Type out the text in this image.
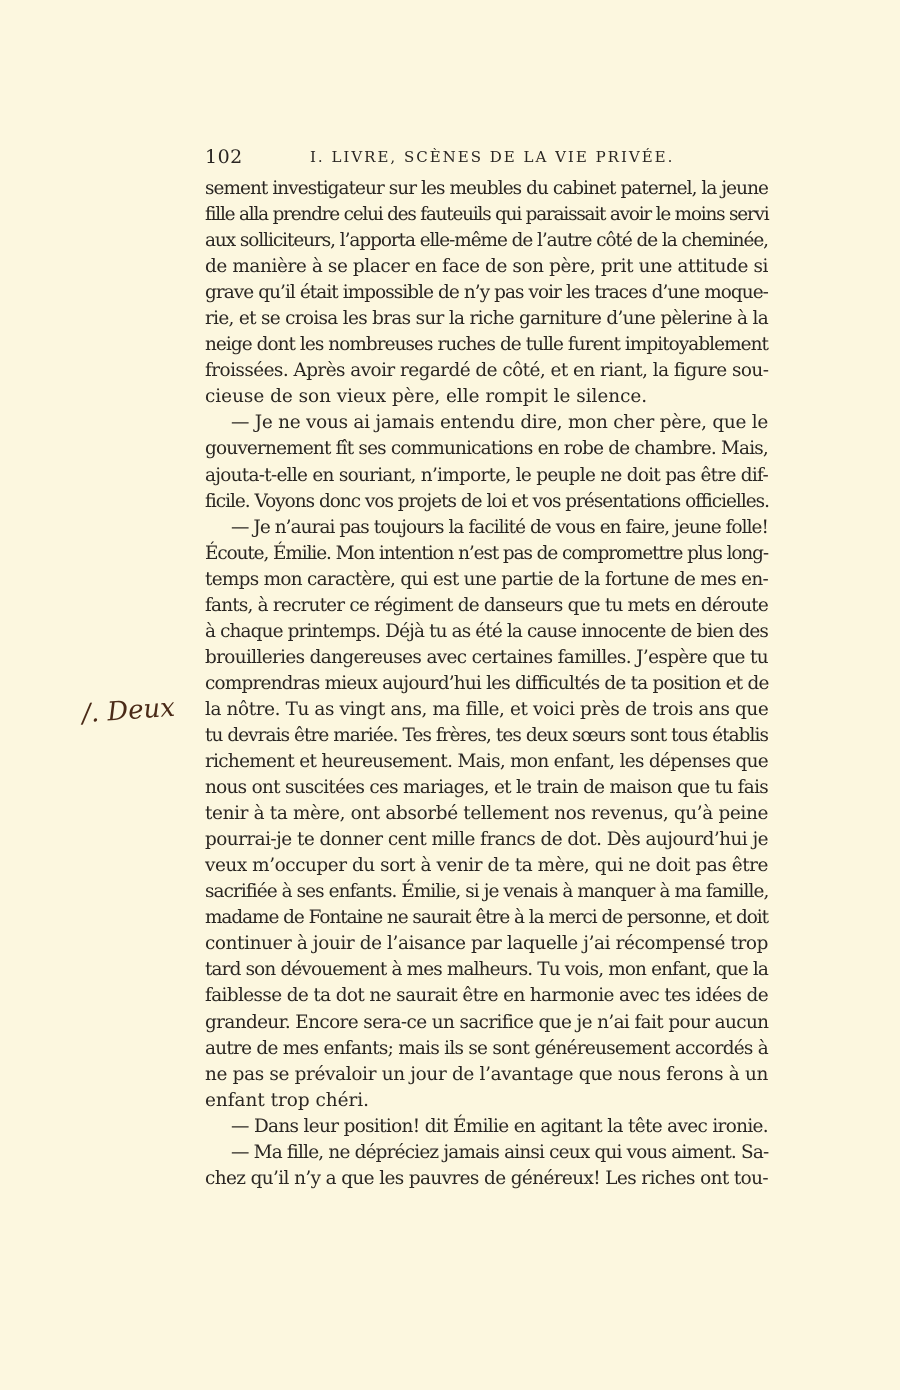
102	I. LIVRE, SCÈNES DE LA VIE PRIVÉE.
/. Deux
sement investigateur sur les meubles du cabinet paternel, la jeune
fille alla prendre celui des fauteuils qui paraissait avoir le moins servi
aux solliciteurs, l’apporta elle-même de l’autre côté de la cheminée,
de manière à se placer en face de son père, prit une attitude si
grave qu’il était impossible de n’y pas voir les traces d’une moque-
rie, et se croisa les bras sur la riche garniture d’une pèlerine à la
neige dont les nombreuses ruches de tulle furent impitoyablement
froissées. Après avoir regardé de côté, et en riant, la figure sou-
cieuse de son vieux père, elle rompit le silence.
— Je ne vous ai jamais entendu dire, mon cher père, que le
gouvernement fît ses communications en robe de chambre. Mais,
ajouta-t-elle en souriant, n’importe, le peuple ne doit pas être dif-
ficile. Voyons donc vos projets de loi et vos présentations officielles.
— Je n’aurai pas toujours la facilité de vous en faire, jeune folle!
Écoute, Émilie. Mon intention n’est pas de compromettre plus long-
temps mon caractère, qui est une partie de la fortune de mes en-
fants, à recruter ce régiment de danseurs que tu mets en déroute
à chaque printemps. Déjà tu as été la cause innocente de bien des
brouilleries dangereuses avec certaines familles. J’espère que tu
comprendras mieux aujourd’hui les difficultés de ta position et de
la nôtre. Tu as vingt ans, ma fille, et voici près de trois ans que
tu devrais être mariée. Tes frères, tes deux sœurs sont tous établis
richement et heureusement. Mais, mon enfant, les dépenses que
nous ont suscitées ces mariages, et le train de maison que tu fais
tenir à ta mère, ont absorbé tellement nos revenus, qu’à peine
pourrai-je te donner cent mille francs de dot. Dès aujourd’hui je
veux m’occuper du sort à venir de ta mère, qui ne doit pas être
sacrifiée à ses enfants. Émilie, si je venais à manquer à ma famille,
madame de Fontaine ne saurait être à la merci de personne, et doit
continuer à jouir de l’aisance par laquelle j’ai récompensé trop
tard son dévouement à mes malheurs. Tu vois, mon enfant, que la
faiblesse de ta dot ne saurait être en harmonie avec tes idées de
grandeur. Encore sera-ce un sacrifice que je n’ai fait pour aucun
autre de mes enfants; mais ils se sont généreusement accordés à
ne pas se prévaloir un jour de l’avantage que nous ferons à un
enfant trop chéri.
— Dans leur position! dit Émilie en agitant la tête avec ironie.
— Ma fille, ne dépréciez jamais ainsi ceux qui vous aiment. Sa-
chez qu’il n’y a que les pauvres de généreux! Les riches ont tou-
